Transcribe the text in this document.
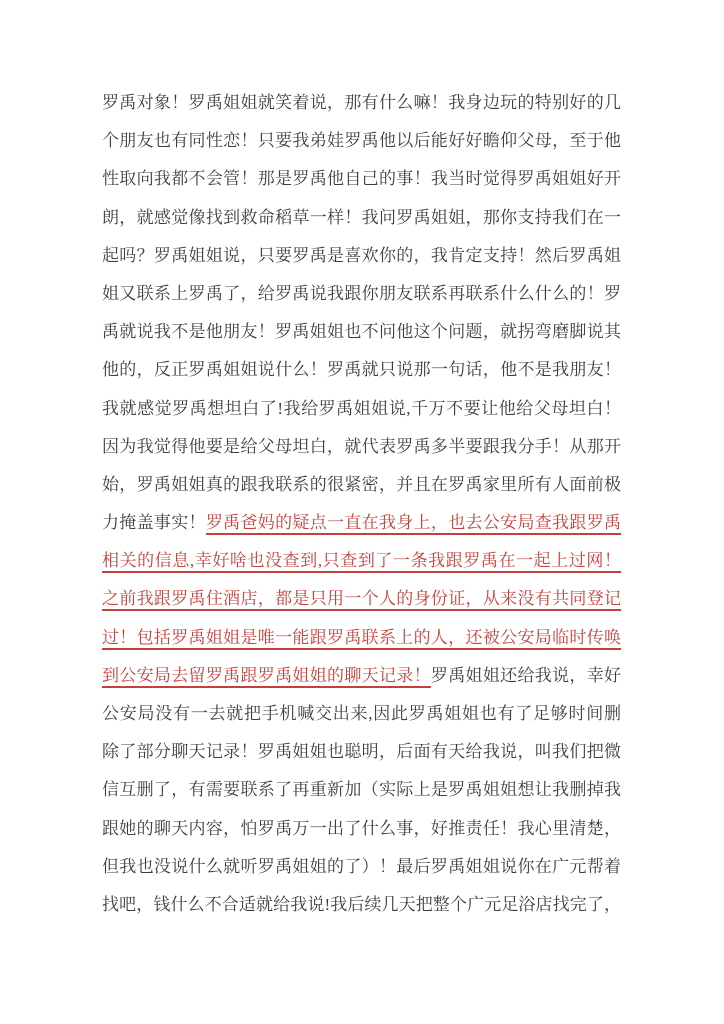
罗禹对象！罗禹姐姐就笑着说，那有什么嘛！我身边玩的特别好的几
个朋友也有同性恋！只要我弟娃罗禹他以后能好好瞻仰父母，至于他
性取向我都不会管！那是罗禹他自己的事！我当时觉得罗禹姐姐好开
朗，就感觉像找到救命稻草一样！我问罗禹姐姐，那你支持我们在一
起吗？罗禹姐姐说，只要罗禹是喜欢你的，我肯定支持！然后罗禹姐
姐又联系上罗禹了，给罗禹说我跟你朋友联系再联系什么什么的！罗
禹就说我不是他朋友！罗禹姐姐也不问他这个问题，就拐弯磨脚说其
他的，反正罗禹姐姐说什么！罗禹就只说那一句话，他不是我朋友！
我就感觉罗禹想坦白了!我给罗禹姐姐说,千万不要让他给父母坦白！
因为我觉得他要是给父母坦白，就代表罗禹多半要跟我分手！从那开
始，罗禹姐姐真的跟我联系的很紧密，并且在罗禹家里所有人面前极
力掩盖事实！罗禹爸妈的疑点一直在我身上，也去公安局查我跟罗禹
相关的信息,幸好啥也没查到,只查到了一条我跟罗禹在一起上过网！
之前我跟罗禹住酒店，都是只用一个人的身份证，从来没有共同登记
过！包括罗禹姐姐是唯一能跟罗禹联系上的人，还被公安局临时传唤
到公安局去留罗禹跟罗禹姐姐的聊天记录！罗禹姐姐还给我说，幸好
公安局没有一去就把手机喊交出来,因此罗禹姐姐也有了足够时间删
除了部分聊天记录！罗禹姐姐也聪明，后面有天给我说，叫我们把微
信互删了，有需要联系了再重新加（实际上是罗禹姐姐想让我删掉我
跟她的聊天内容，怕罗禹万一出了什么事，好推责任！我心里清楚，
但我也没说什么就听罗禹姐姐的了）！最后罗禹姐姐说你在广元帮着
找吧，钱什么不合适就给我说!我后续几天把整个广元足浴店找完了，
